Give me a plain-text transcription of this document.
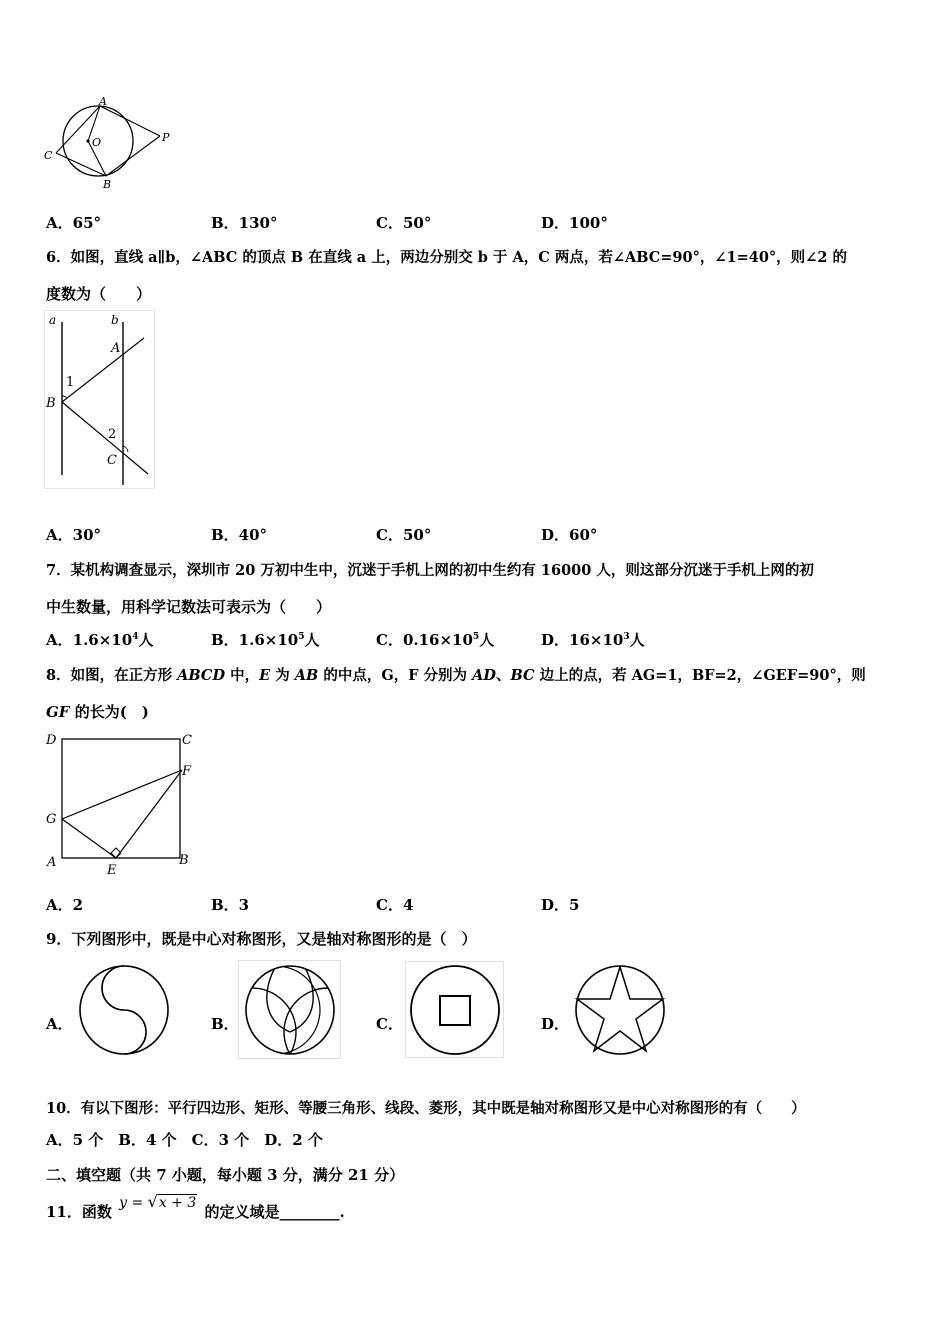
A
O	P
C
B
A．65°	B．130°	C．50°	D．100°
6．如图，直线 a∥b，∠ABC 的顶点 B 在直线 a 上，两边分别交 b 于 A，C 两点，若∠ABC=90°，∠1=40°，则∠2 的
度数为（　　）
a	b
A
B
C
1
2
A．30°	B．40°	C．50°	D．60°
7．某机构调查显示，深圳市 20 万初中生中，沉迷于手机上网的初中生约有 16000 人，则这部分沉迷于手机上网的初
中生数量，用科学记数法可表示为（　　）
A．$1.6\times 10^4$人	B．$1.6\times 10^5$人	C．$0.16\times 10^5$人	D．$16\times 10^3$人
8．如图，在正方形 ABCD 中，E 为 AB 的中点，G，F 分别为 AD、BC 边上的点，若 AG=1，BF=2，∠GEF=90°，则
GF 的长为(　)
D	C
F
G
A
E
B
A．2	B．3	C．4	D．5
9．下列图形中，既是中心对称图形，又是轴对称图形的是（　）
A．	B．	C．	D．
10．有以下图形：平行四边形、矩形、等腰三角形、线段、菱形，其中既是轴对称图形又是中心对称图形的有（　　）
A．5 个　B．4 个　C．3 个　D．2 个
二、填空题（共 7 小题，每小题 3 分，满分 21 分）
11．函数 y = √x + 3 的定义域是________.
